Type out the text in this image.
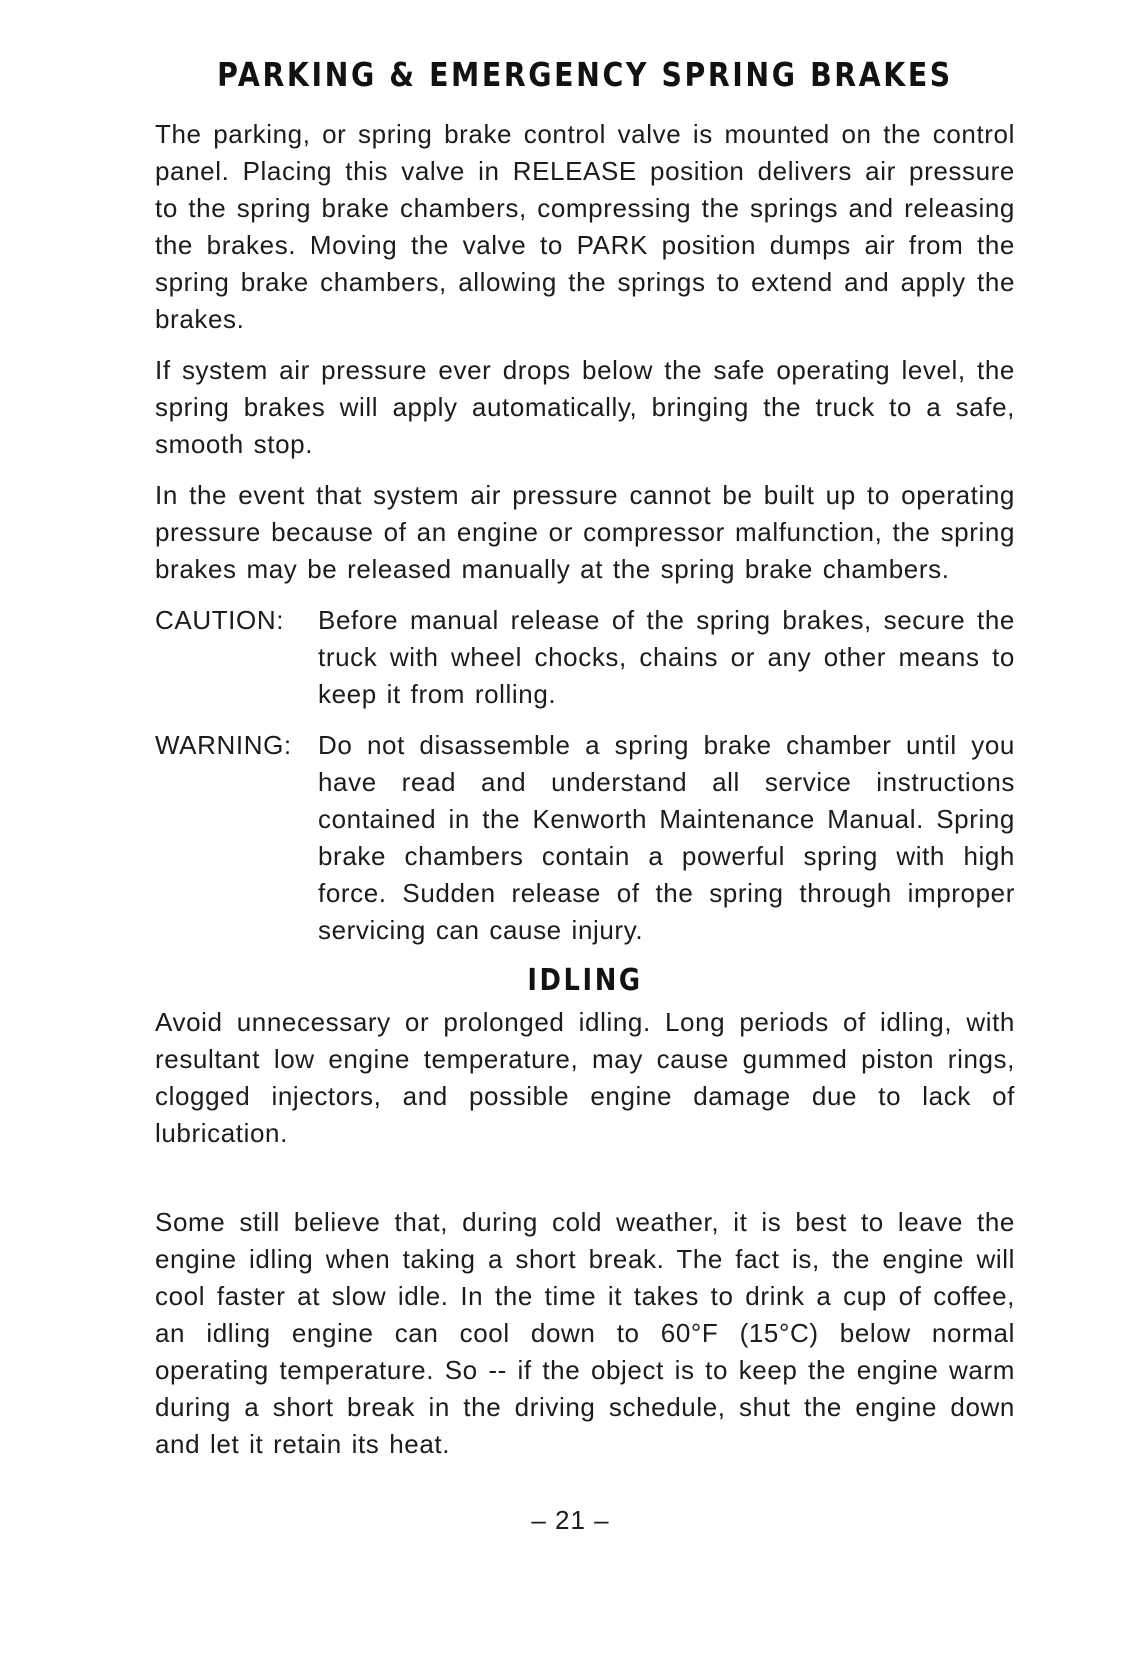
PARKING & EMERGENCY SPRING BRAKES

The parking, or spring brake control valve is mounted on the control panel. Placing this valve in RELEASE position delivers air pressure to the spring brake chambers, compressing the springs and releasing the brakes. Moving the valve to PARK position dumps air from the spring brake chambers, allowing the springs to extend and apply the brakes.

If system air pressure ever drops below the safe operating level, the spring brakes will apply automatically, bringing the truck to a safe, smooth stop.

In the event that system air pressure cannot be built up to operating pressure because of an engine or compressor malfunction, the spring brakes may be released manually at the spring brake chambers.

CAUTION:	Before manual release of the spring brakes, secure the truck with wheel chocks, chains or any other means to keep it from rolling.
WARNING:	Do not disassemble a spring brake chamber until you have read and understand all service instructions contained in the Kenworth Maintenance Manual. Spring brake chambers contain a powerful spring with high force. Sudden release of the spring through improper servicing can cause injury.
IDLING

Avoid unnecessary or prolonged idling. Long periods of idling, with resultant low engine temperature, may cause gummed piston rings, clogged injectors, and possible engine damage due to lack of lubrication.

Some still believe that, during cold weather, it is best to leave the engine idling when taking a short break. The fact is, the engine will cool faster at slow idle. In the time it takes to drink a cup of coffee, an idling engine can cool down to 60°F (15°C) below normal operating temperature. So -- if the object is to keep the engine warm during a short break in the driving schedule, shut the engine down and let it retain its heat.

– 21 –
